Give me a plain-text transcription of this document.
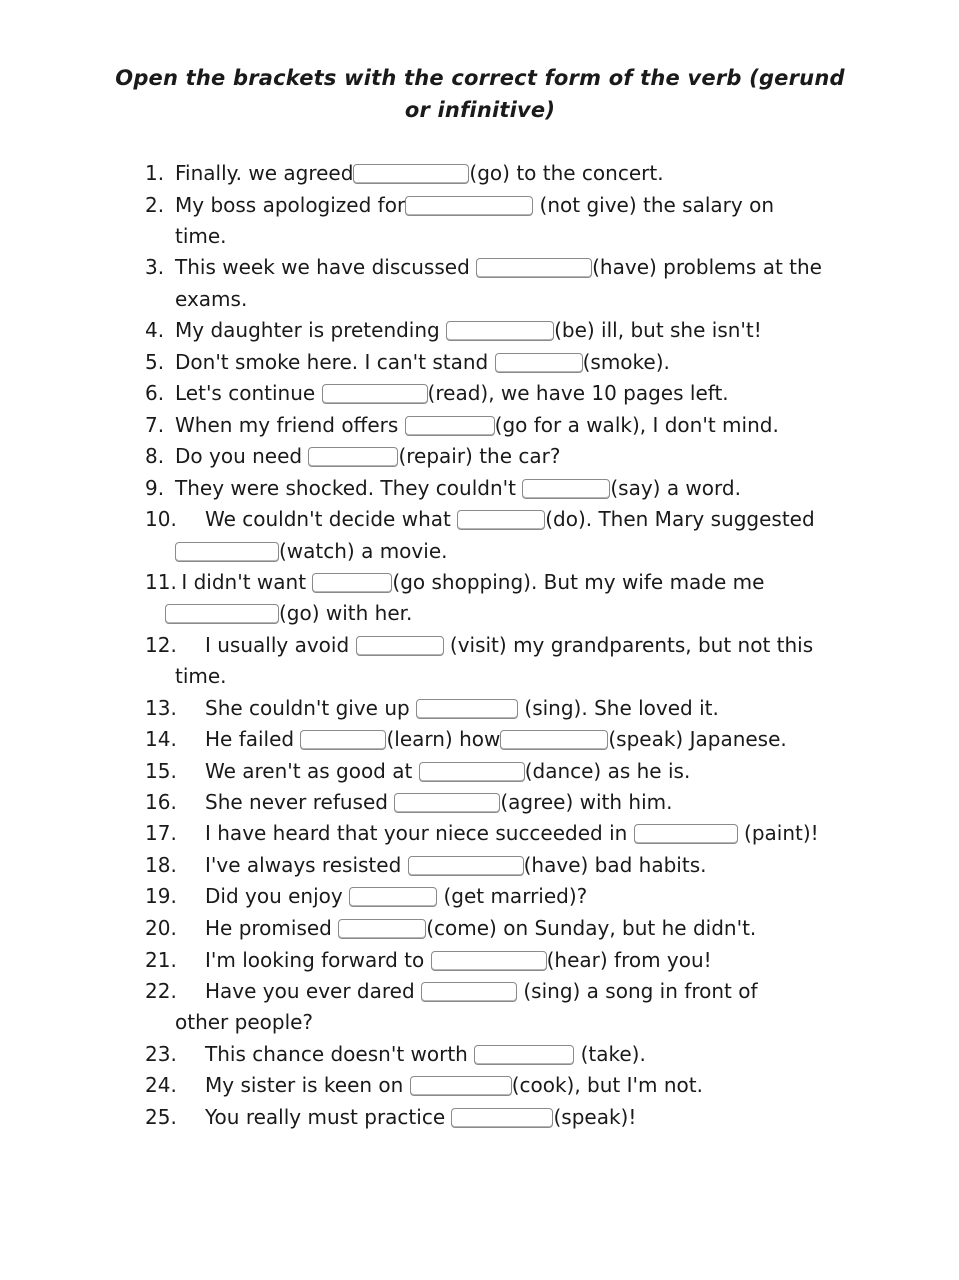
Open the brackets with the correct form of the verb (gerund or infinitive)
1. Finally. we agreed	(go) to the concert.
2. My boss apologized for	(not give) the salary on
time.
3. This week we have discussed	(have) problems at the
exams.
4. My daughter is pretending	(be) ill, but she isn't!
5. Don't smoke here. I can't stand	(smoke).
6. Let's continue	(read), we have 10 pages left.
7. When my friend offers	(go for a walk), I don't mind.
8. Do you need	(repair) the car?
9. They were shocked. They couldn't	(say) a word.
10.	We couldn't decide what	(do). Then Mary suggested
(watch) a movie.
11.
I didn't want	(go shopping). But my wife made me
(go) with her.
12.	I usually avoid	(visit) my grandparents, but not this
time.
13.	She couldn't give up	(sing). She loved it.
14.	He failed	(learn) how	(speak) Japanese.
15.	We aren't as good at	(dance) as he is.
16.	She never refused	(agree) with him.
17.	I have heard that your niece succeeded in	(paint)!
18.	I've always resisted	(have) bad habits.
19.	Did you enjoy	(get married)?
20.	He promised	(come) on Sunday, but he didn't.
21.	I'm looking forward to	(hear) from you!
22.	Have you ever dared	(sing) a song in front of
other people?
23.	This chance doesn't worth	(take).
24.	My sister is keen on	(cook), but I'm not.
25.	You really must practice	(speak)!
